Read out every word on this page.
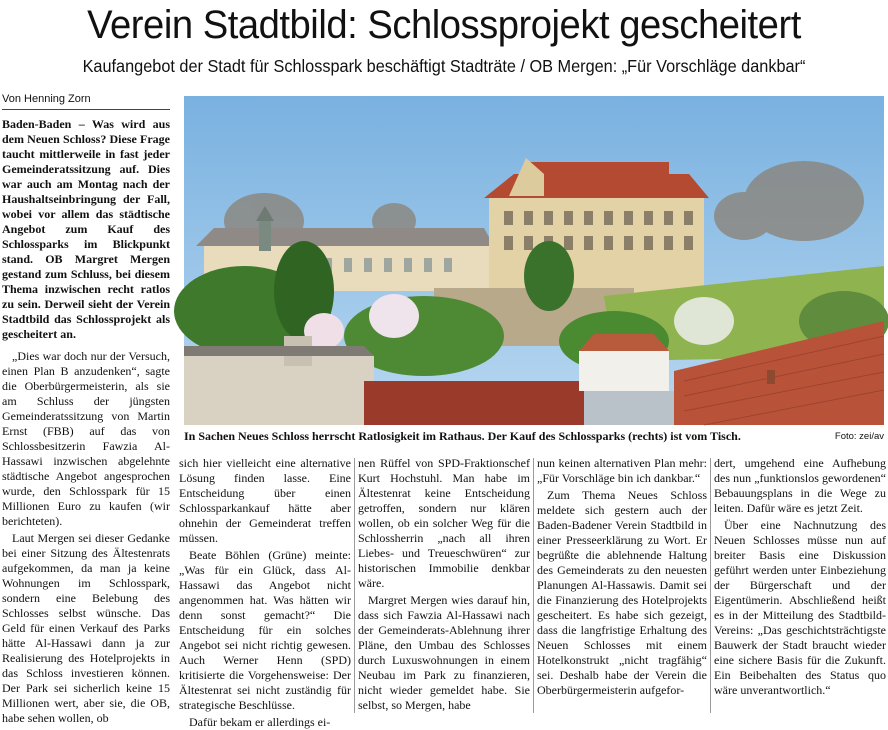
Verein Stadtbild: Schlossprojekt gescheitert
Kaufangebot der Stadt für Schlosspark beschäftigt Stadträte / OB Mergen: „Für Vorschläge dankbar“
Von Henning Zorn
Baden-Baden – Was wird aus dem Neuen Schloss? Diese Frage taucht mittlerweile in fast jeder Gemeinderatssitzung auf. Dies war auch am Montag nach der Haushaltseinbringung der Fall, wobei vor allem das städtische Angebot zum Kauf des Schlossparks im Blickpunkt stand. OB Margret Mergen gestand zum Schluss, bei diesem Thema inzwischen recht ratlos zu sein. Derweil sieht der Verein Stadtbild das Schlossprojekt als gescheitert an.
„Dies war doch nur der Versuch, einen Plan B anzudenken“, sagte die Oberbürgermeisterin, als sie am Schluss der jüngsten Gemeinderatssitzung von Martin Ernst (FBB) auf das von Schlossbesitzerin Fawzia Al-Hassawi inzwischen abgelehnte städtische Angebot angesprochen wurde, den Schlosspark für 15 Millionen Euro zu kaufen (wir berichteten).
Laut Mergen sei dieser Gedanke bei einer Sitzung des Ältestenrats aufgekommen, da man ja keine Wohnungen im Schlosspark, sondern eine Belebung des Schlosses selbst wünsche. Das Geld für einen Verkauf des Parks hätte Al-Hassawi dann ja zur Realisierung des Hotelprojekts in das Schloss investieren können. Der Park sei sicherlich keine 15 Millionen wert, aber sie, die OB, habe sehen wollen, ob
In Sachen Neues Schloss herrscht Ratlosigkeit im Rathaus. Der Kauf des Schlossparks (rechts) ist vom Tisch.	Foto: zei/av
sich hier vielleicht eine alternative Lösung finden lasse. Eine Entscheidung über einen Schlossparkankauf hätte aber ohnehin der Gemeinderat treffen müssen.
Beate Böhlen (Grüne) meinte: „Was für ein Glück, dass Al-Hassawi das Angebot nicht angenommen hat. Was hätten wir denn sonst gemacht?“ Die Entscheidung für ein solches Angebot sei nicht richtig gewesen. Auch Werner Henn (SPD) kritisierte die Vorgehensweise: Der Ältestenrat sei nicht zuständig für strategische Beschlüsse.
Dafür bekam er allerdings ei-
nen Rüffel von SPD-Fraktionschef Kurt Hochstuhl. Man habe im Ältestenrat keine Entscheidung getroffen, sondern nur klären wollen, ob ein solcher Weg für die Schlossherrin „nach all ihren Liebes- und Treueschwüren“ zur historischen Immobilie denkbar wäre.
Margret Mergen wies darauf hin, dass sich Fawzia Al-Hassawi nach der Gemeinderats-Ablehnung ihrer Pläne, den Umbau des Schlosses durch Luxuswohnungen in einem Neubau im Park zu finanzieren, nicht wieder gemeldet habe. Sie selbst, so Mergen, habe
nun keinen alternativen Plan mehr: „Für Vorschläge bin ich dankbar.“
Zum Thema Neues Schloss meldete sich gestern auch der Baden-Badener Verein Stadtbild in einer Presseerklärung zu Wort. Er begrüßte die ablehnende Haltung des Gemeinderats zu den neuesten Planungen Al-Hassawis. Damit sei die Finanzierung des Hotelprojekts gescheitert. Es habe sich gezeigt, dass die langfristige Erhaltung des Neuen Schlosses mit einem Hotelkonstrukt „nicht tragfähig“ sei. Deshalb habe der Verein die Oberbürgermeisterin aufgefor-
dert, umgehend eine Aufhebung des nun „funktionslos gewordenen“ Bebauungsplans in die Wege zu leiten. Dafür wäre es jetzt Zeit.
Über eine Nachnutzung des Neuen Schlosses müsse nun auf breiter Basis eine Diskussion geführt werden unter Einbeziehung der Bürgerschaft und der Eigentümerin. Abschließend heißt es in der Mitteilung des Stadtbild-Vereins: „Das geschichtsträchtigste Bauwerk der Stadt braucht wieder eine sichere Basis für die Zukunft. Ein Beibehalten des Status quo wäre unverantwortlich.“
